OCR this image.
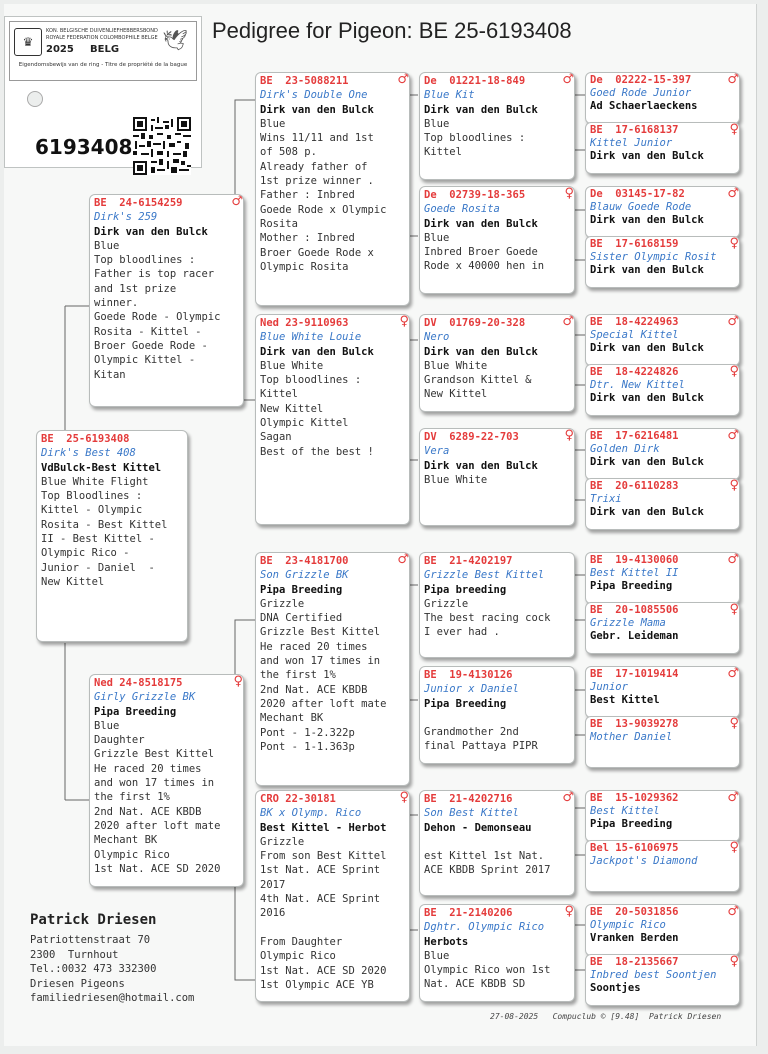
♛
KON. BELGISCHE DUIVENLIEFHEBBERSBOND
ROYALE FEDERATION COLOMBOPHILE BELGE
2025 BELG 🕊
Eigendomsbewijs van de ring - Titre de propriété de la bague
6193408
Pedigree for Pigeon: BE 25-6193408
BE  25-6193408
Dirk's Best 408
VdBulck-Best Kittel
Blue White Flight
Top Bloodlines :
Kittel - Olympic
Rosita - Best Kittel
II - Best Kittel -
Olympic Rico -
Junior - Daniel  -
New Kittel
BE  24-6154259	♂
Dirk's 259
Dirk van den Bulck
Blue
Top bloodlines :
Father is top racer
and 1st prize
winner.
Goede Rode - Olympic
Rosita - Kittel -
Broer Goede Rode -
Olympic Kittel -
Kitan
Ned 24-8518175	♀
Girly Grizzle BK
Pipa Breeding
Blue
Daughter
Grizzle Best Kittel
He raced 20 times
and won 17 times in
the first 1%
2nd Nat. ACE KBDB
2020 after loft mate
Mechant BK
Olympic Rico
1st Nat. ACE SD 2020
BE  23-5088211	♂
Dirk's Double One
Dirk van den Bulck
Blue
Wins 11/11 and 1st
of 508 p.
Already father of
1st prize winner .
Father : Inbred
Goede Rode x Olympic
Rosita
Mother : Inbred
Broer Goede Rode x
Olympic Rosita
Ned 23-9110963	♀
Blue White Louie
Dirk van den Bulck
Blue White
Top bloodlines :
Kittel
New Kittel
Olympic Kittel
Sagan
Best of the best !
BE  23-4181700	♂
Son Grizzle BK
Pipa Breeding
Grizzle
DNA Certified
Grizzle Best Kittel
He raced 20 times
and won 17 times in
the first 1%
2nd Nat. ACE KBDB
2020 after loft mate
Mechant BK
Pont - 1-2.322p
Pont - 1-1.363p
CRO 22-30181	♀
BK x Olymp. Rico
Best Kittel - Herbot
Grizzle
From son Best Kittel
1st Nat. ACE Sprint
2017
4th Nat. ACE Sprint
2016

From Daughter
Olympic Rico
1st Nat. ACE SD 2020
1st Olympic ACE YB
De  01221-18-849	♂
Blue Kit
Dirk van den Bulck
Blue
Top bloodlines :
Kittel
De  02739-18-365	♀
Goede Rosita
Dirk van den Bulck
Blue
Inbred Broer Goede
Rode x 40000 hen in
DV  01769-20-328	♂
Nero
Dirk van den Bulck
Blue White
Grandson Kittel &
New Kittel
DV  6289-22-703	♀
Vera
Dirk van den Bulck
Blue White
BE  21-4202197
Grizzle Best Kittel
Pipa breeding
Grizzle
The best racing cock
I ever had .
BE  19-4130126
Junior x Daniel
Pipa Breeding

Grandmother 2nd
final Pattaya PIPR
BE  21-4202716	♂
Son Best Kittel
Dehon - Demonseau

est Kittel 1st Nat.
ACE KBDB Sprint 2017
BE  21-2140206	♀
Dghtr. Olympic Rico
Herbots
Blue
Olympic Rico won 1st
Nat. ACE KBDB SD
De  02222-15-397	♂
Goed Rode Junior
Ad Schaerlaeckens
BE  17-6168137	♀
Kittel Junior
Dirk van den Bulck
De  03145-17-82	♂
Blauw Goede Rode
Dirk van den Bulck
BE  17-6168159	♀
Sister Olympic Rosit
Dirk van den Bulck
BE  18-4224963	♂
Special Kittel
Dirk van den Bulck
BE  18-4224826	♀
Dtr. New Kittel
Dirk van den Bulck
BE  17-6216481	♂
Golden Dirk
Dirk van den Bulck
BE  20-6110283	♀
Trixi
Dirk van den Bulck
BE  19-4130060	♂
Best Kittel II
Pipa Breeding
BE  20-1085506	♀
Grizzle Mama
Gebr. Leideman
BE  17-1019414	♂
Junior
Best Kittel
BE  13-9039278	♀
Mother Daniel
BE  15-1029362	♂
Best Kittel
Pipa Breeding
Bel 15-6106975	♀
Jackpot's Diamond
BE  20-5031856	♂
Olympic Rico
Vranken Berden
BE  18-2135667	♀
Inbred best Soontjen
Soontjes
Patrick Driesen
Patriottenstraat 70
2300  Turnhout
Tel.:0032 473 332300
Driesen Pigeons
familiedriesen@hotmail.com
27-08-2025   Compuclub © [9.48]  Patrick Driesen
